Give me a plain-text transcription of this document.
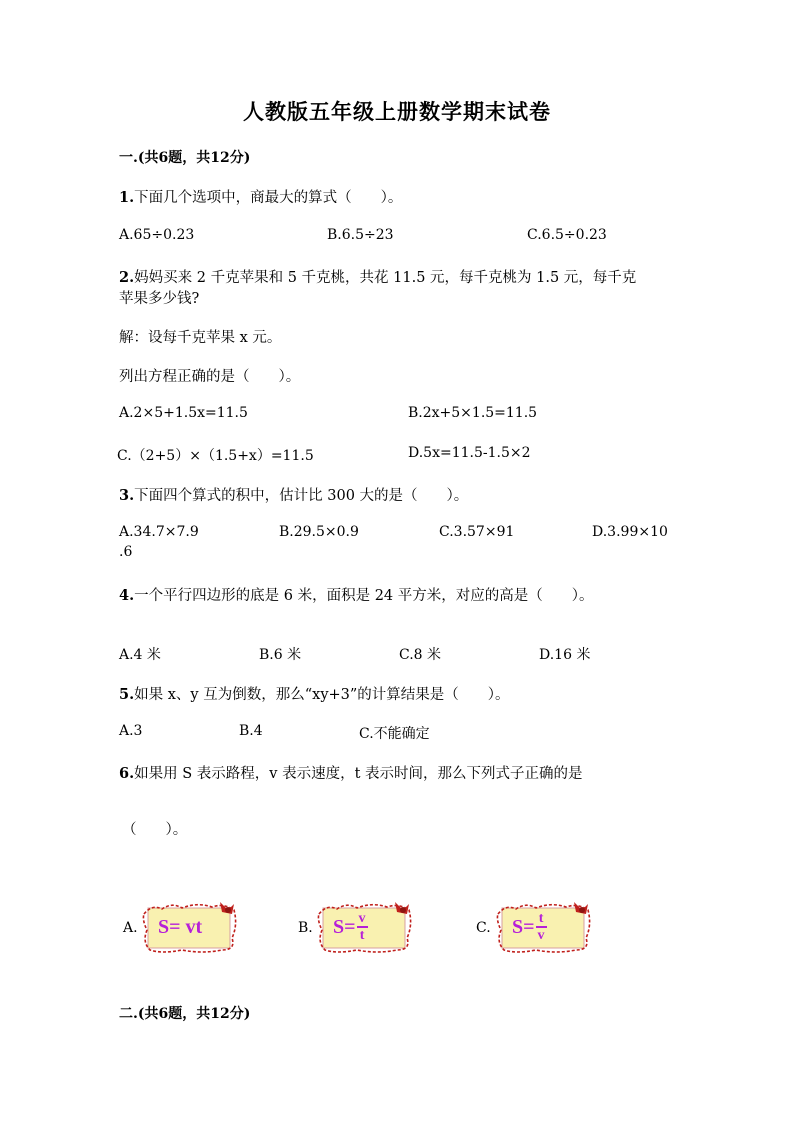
人教版五年级上册数学期末试卷
一.(共6题，共12分)
1.下面几个选项中，商最大的算式（　　）。
A.65÷0.23	B.6.5÷23	C.6.5÷0.23
2.妈妈买来 2 千克苹果和 5 千克桃，共花 11.5 元，每千克桃为 1.5 元，每千克
苹果多少钱?
解：设每千克苹果 x 元。
列出方程正确的是（　　）。
A.2×5+1.5x=11.5	B.2x+5×1.5=11.5
C.（2+5）×（1.5+x）=11.5	D.5x=11.5-1.5×2
3.下面四个算式的积中，估计比 300 大的是（　　）。
A.34.7×7.9	B.29.5×0.9	C.3.57×91	D.3.99×10
.6
4.一个平行四边形的底是 6 米，面积是 24 平方米，对应的高是（　　）。
A.4 米	B.6 米	C.8 米	D.16 米
5.如果 x、y 互为倒数，那么“xy+3”的计算结果是（　　）。
A.3	B.4	C.不能确定
6.如果用 S 表示路程，v 表示速度，t 表示时间，那么下列式子正确的是
（　　）。
A. S=
vt	B. $S= \frac{v}{t}$	C. $S= \frac{t}{v}$
二.(共6题，共12分)
